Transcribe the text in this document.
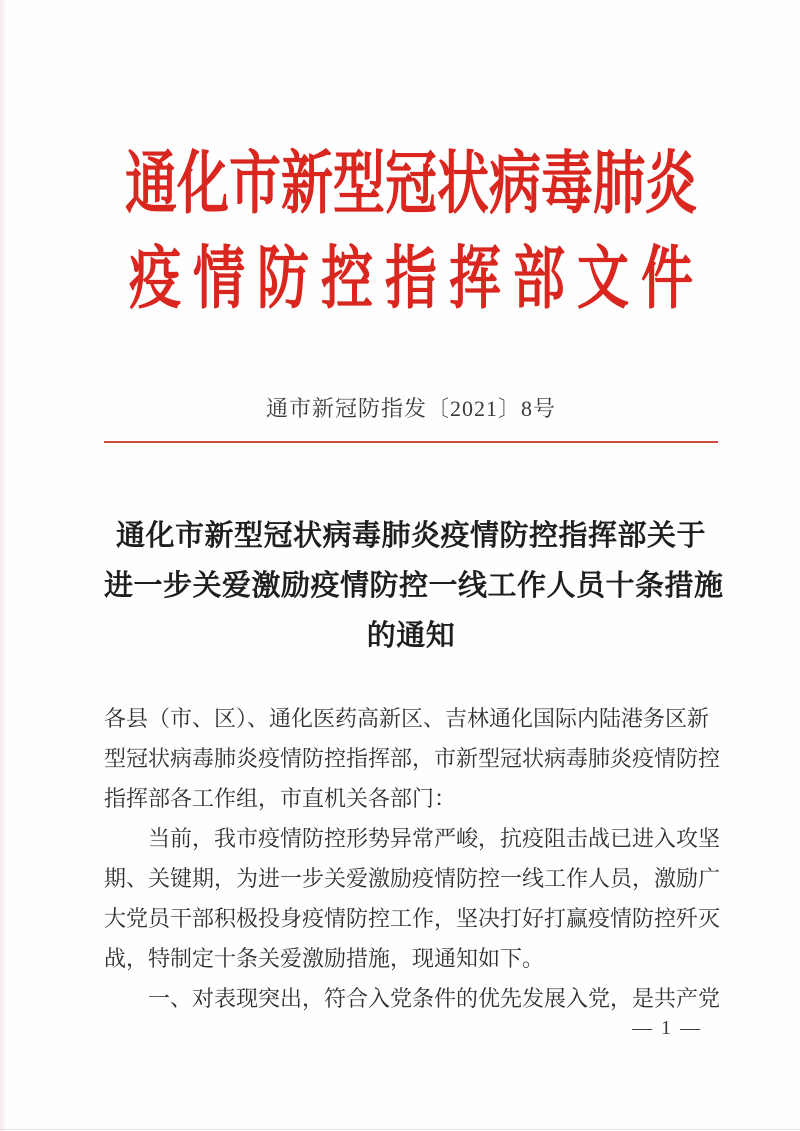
通化市新型冠状病毒肺炎
疫情防控指挥部文件
通市新冠防指发〔2021〕8号
通化市新型冠状病毒肺炎疫情防控指挥部关于
进一步关爱激励疫情防控一线工作人员十条措施
的通知
各县（市、区）、通化医药高新区、吉林通化国际内陆港务区新
型冠状病毒肺炎疫情防控指挥部，市新型冠状病毒肺炎疫情防控
指挥部各工作组，市直机关各部门：
当前，我市疫情防控形势异常严峻，抗疫阻击战已进入攻坚
期、关键期，为进一步关爱激励疫情防控一线工作人员，激励广
大党员干部积极投身疫情防控工作，坚决打好打赢疫情防控歼灭
战，特制定十条关爱激励措施，现通知如下。
一、对表现突出，符合入党条件的优先发展入党，是共产党
— 1 —
